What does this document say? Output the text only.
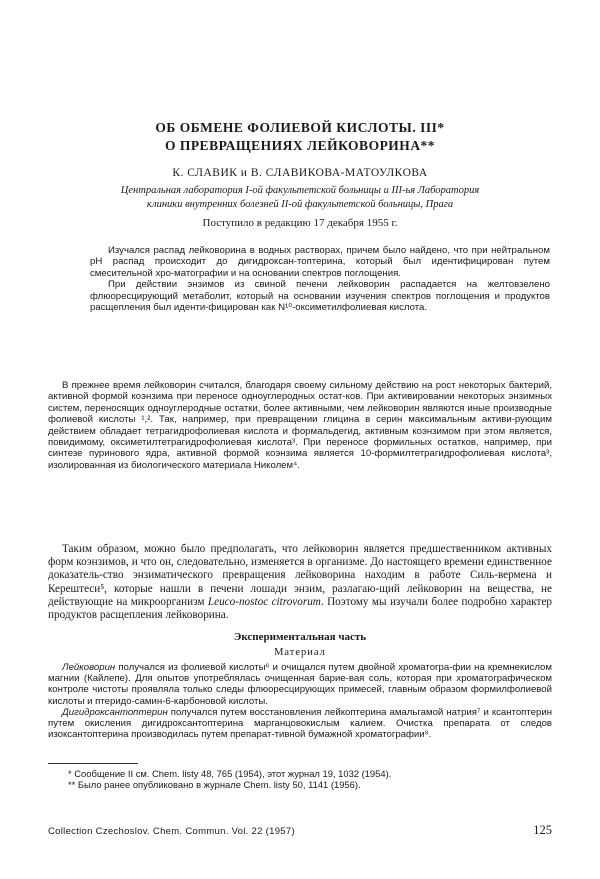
ОБ ОБМЕНЕ ФОЛИЕВОЙ КИСЛОТЫ. III*
О ПРЕВРАЩЕНИЯХ ЛЕЙКОВОРИНА**
К. СЛАВИК и В. СЛАВИКОВА-МАТОУЛКОВА
Центральная лаборатория I-ой факультетской больницы и III-ья Лаборатория
клиники внутренних болезней II-ой факультетской больницы, Прага
Поступило в редакцию 17 декабря 1955 г.

Изучался распад лейковорина в водных растворах, причем было найдено, что при нейтральном pH распад происходит до дигидроксан-топтерина, который был идентифицирован путем смесительной хро-матографии и на основании спектров поглощения.

При действии энзимов из свиной печени лейковорин распадается на желтовзелено флюоресцирующий метаболит, который на основании изучения спектров поглощения и продуктов расщепления был иденти-фицирован как N¹⁰-оксиметилфолиевая кислота.

В прежнее время лейковорин считался, благодаря своему сильному действию на рост некоторых бактерий, активной формой коэнзима при переносе одноуглеродных остат-ков. При активировании некоторых энзимных систем, переносящих одноуглеродные остатки, более активными, чем лейковорин являются иные производные фолиевой кислоты ¹,². Так, например, при превращении глицина в серин максимальным активи-рующим действием обладает тетрагидрофолиевая кислота и формальдегид, активным коэнзимом при этом является, повидимому, оксиметилтетрагидрофолиевая кислота³. При переносе формильных остатков, например, при синтезе пуринового ядра, активной формой коэнзима является 10-формилтетрагидрофолиевая кислота³, изолированная из биологического материала Николем⁴.

Таким образом, можно было предполагать, что лейковорин является предшественником активных форм коэнзимов, и что он, следовательно, изменяется в организме. До настоящего времени единственное доказатель-ство энзиматического превращения лейковорина находим в работе Силь-вермена и Керештеси⁵, которые нашли в печени лошади энзим, разлагаю-щий лейковорин на вещества, не действующие на микроорганизм Leuco-nostoc citrovorum. Поэтому мы изучали более подробно характер продуктов расщепления лейковорина.

Экспериментальная часть
Материал

Лейковорин получался из фолиевой кислоты⁶ и очищался путем двойной хроматогра-фии на кремнекислом магнии (Кайлепе). Для опытов употреблялась очищенная барие-вая соль, которая при хроматографическом контроле чистоты проявляла только следы флюоресцирующих примесей, главным образом формилфолиевой кислоты и птеридо-самин-6-карбоновой кислоты.

Дигидроксантоптерин получался путем восстановления лейкоптерина амальгамой натрия⁷ и ксантоптерин путем окисления дигидроксантоптерина марганцовокислым калием. Очистка препарата от следов изоксантоптерина производилась путем препарат-тивной бумажной хроматографии⁸.

* Сообщение II см. Chem. listy 48, 765 (1954), этот журнал 19, 1032 (1954).
** Было ранее опубликовано в журнале Chem. listy 50, 1141 (1956).
Collection Czechoslov. Chem. Commun. Vol. 22 (1957)	125
